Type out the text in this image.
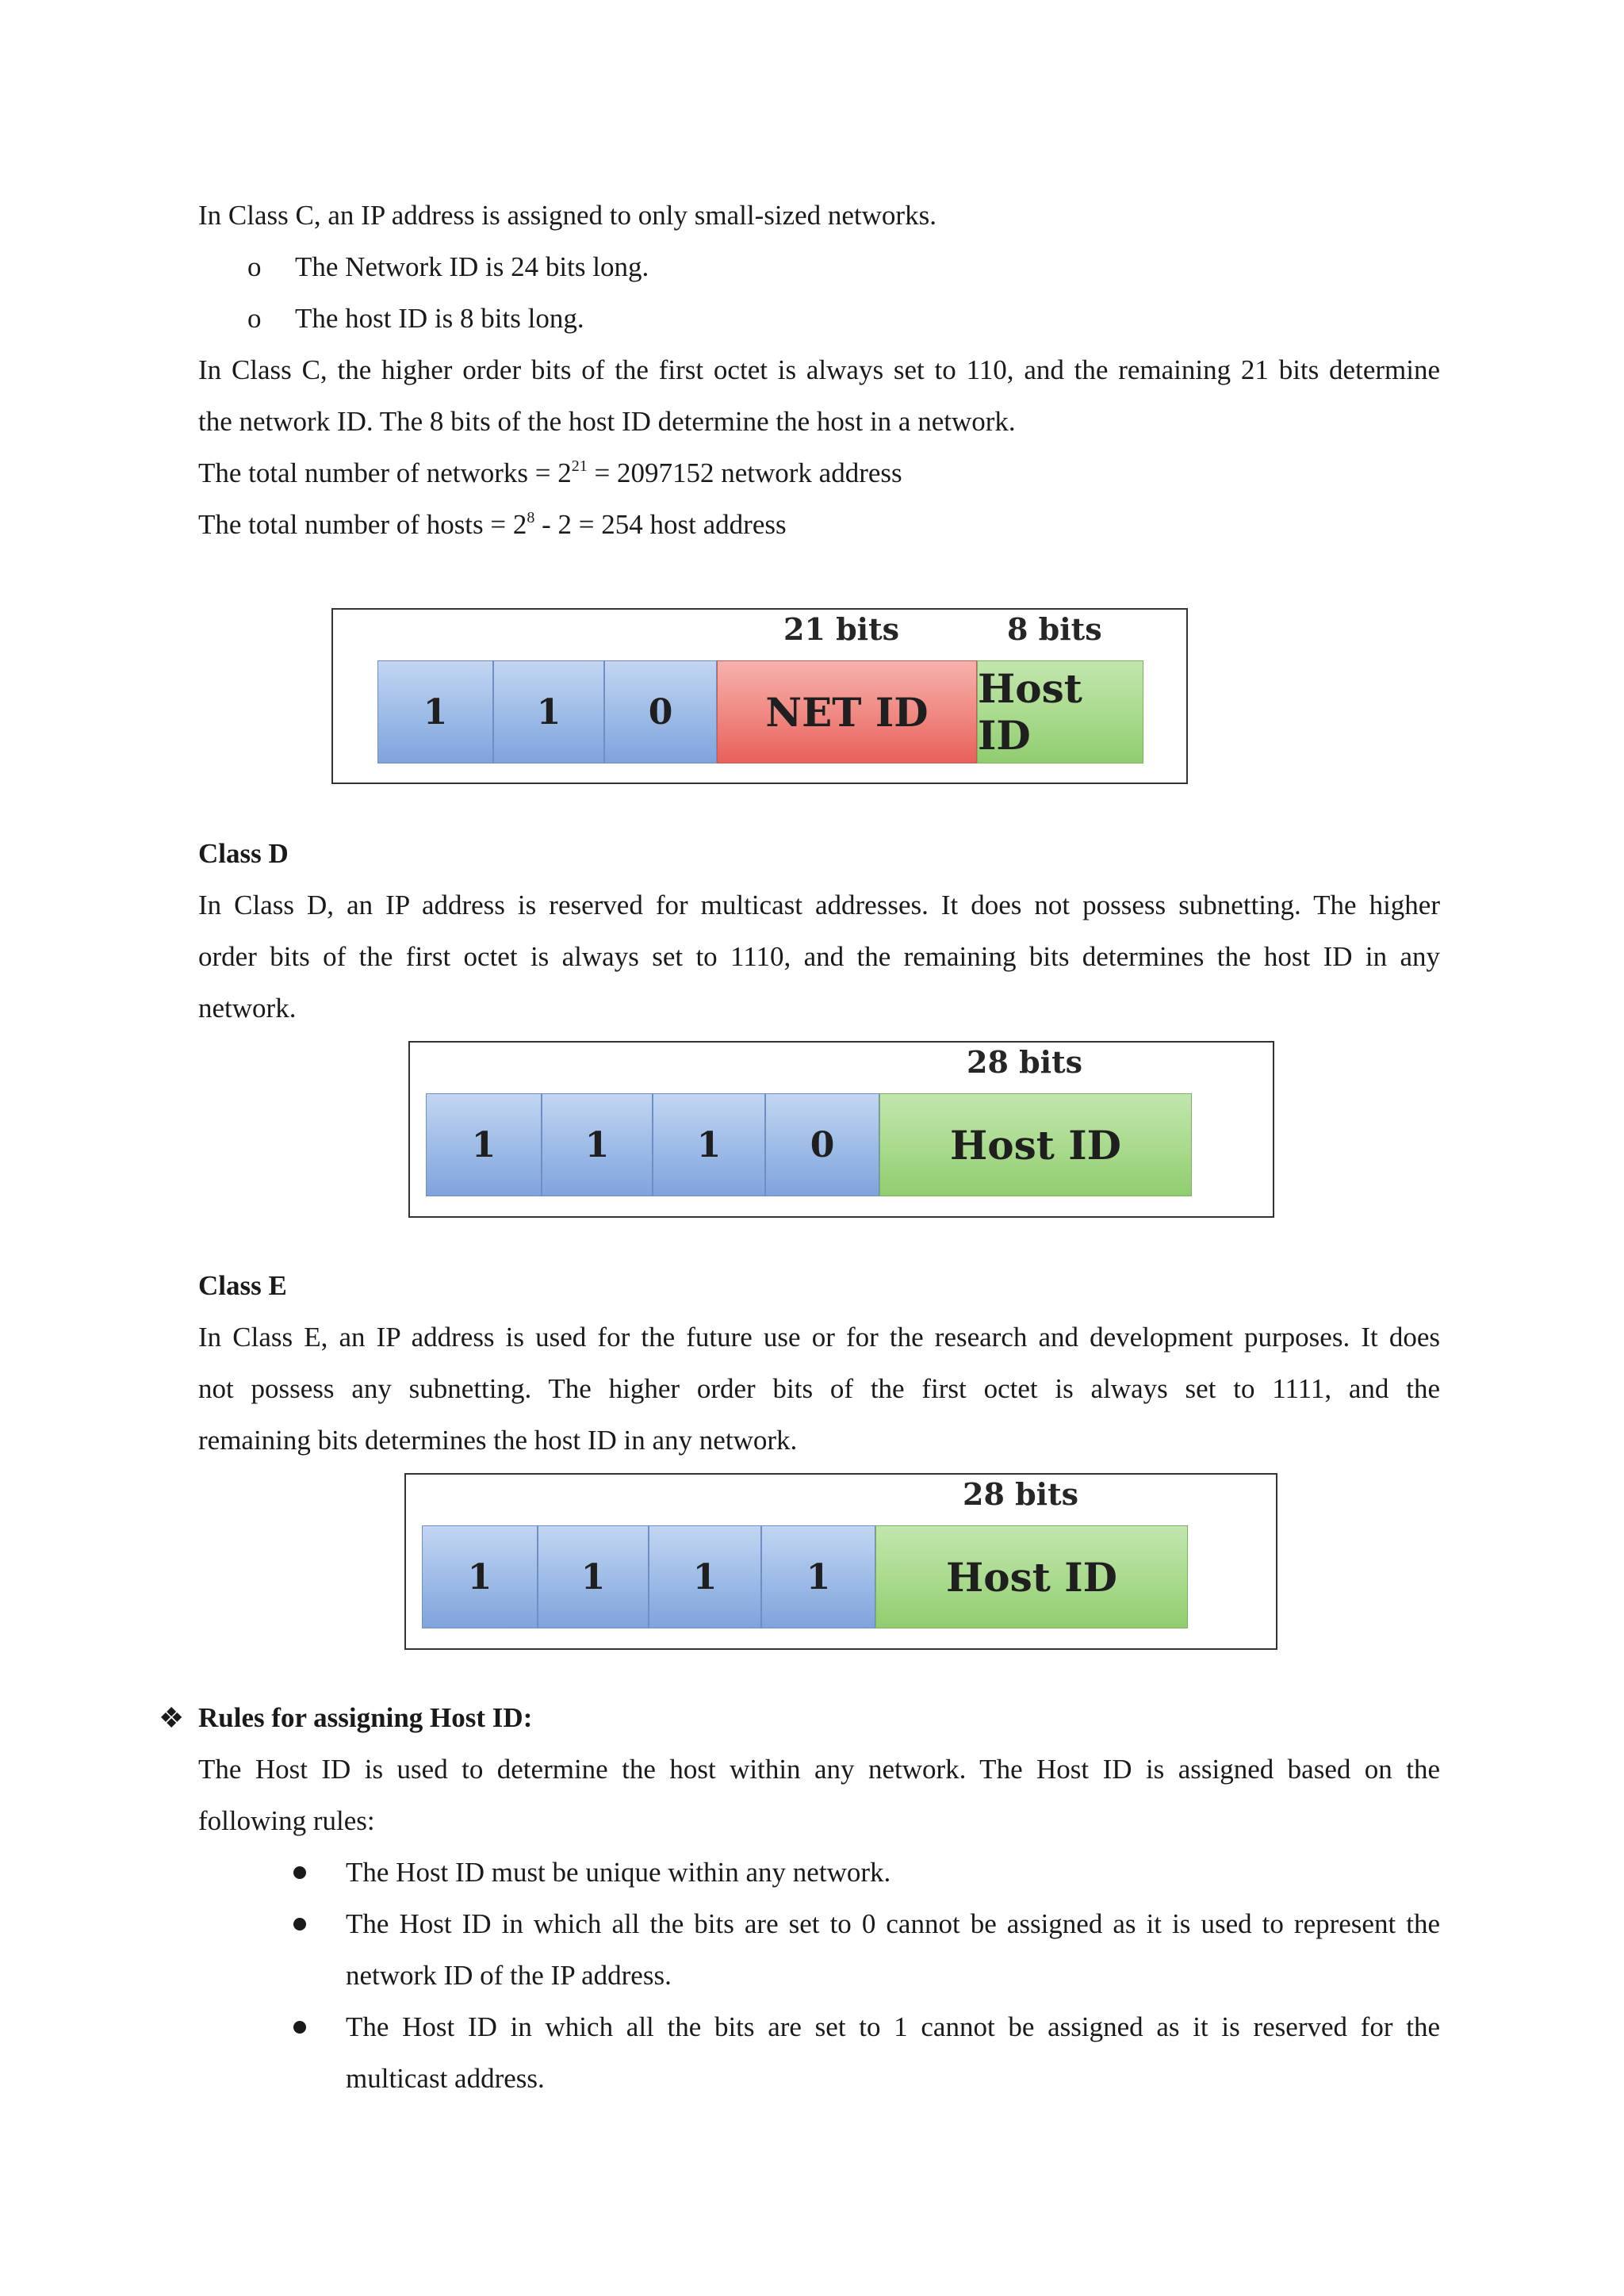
In Class C, an IP address is assigned to only small-sized networks.
o The Network ID is 24 bits long.
o The host ID is 8 bits long.
In Class C, the higher order bits of the first octet is always set to 110, and the remaining 21 bits determine
the network ID. The 8 bits of the host ID determine the host in a network.
The total number of networks = $2^{21} = 2097152$ network address
The total number of hosts = $2^8 - 2 = 254$ host address
21 bits	8 bits
1	1	0	NET ID	Host ID
Class D
In Class D, an IP address is reserved for multicast addresses. It does not possess subnetting. The higher
order bits of the first octet is always set to 1110, and the remaining bits determines the host ID in any
network.
28 bits
1	1	1	0	Host ID
Class E
In Class E, an IP address is used for the future use or for the research and development purposes. It does
not possess any subnetting. The higher order bits of the first octet is always set to 1111, and the
remaining bits determines the host ID in any network.
28 bits
1	1	1	1	Host ID
❖ Rules for assigning Host ID:
The Host ID is used to determine the host within any network. The Host ID is assigned based on the
following rules:
The Host ID must be unique within any network.
The Host ID in which all the bits are set to 0 cannot be assigned as it is used to represent the
network ID of the IP address.
The Host ID in which all the bits are set to 1 cannot be assigned as it is reserved for the
multicast address.
